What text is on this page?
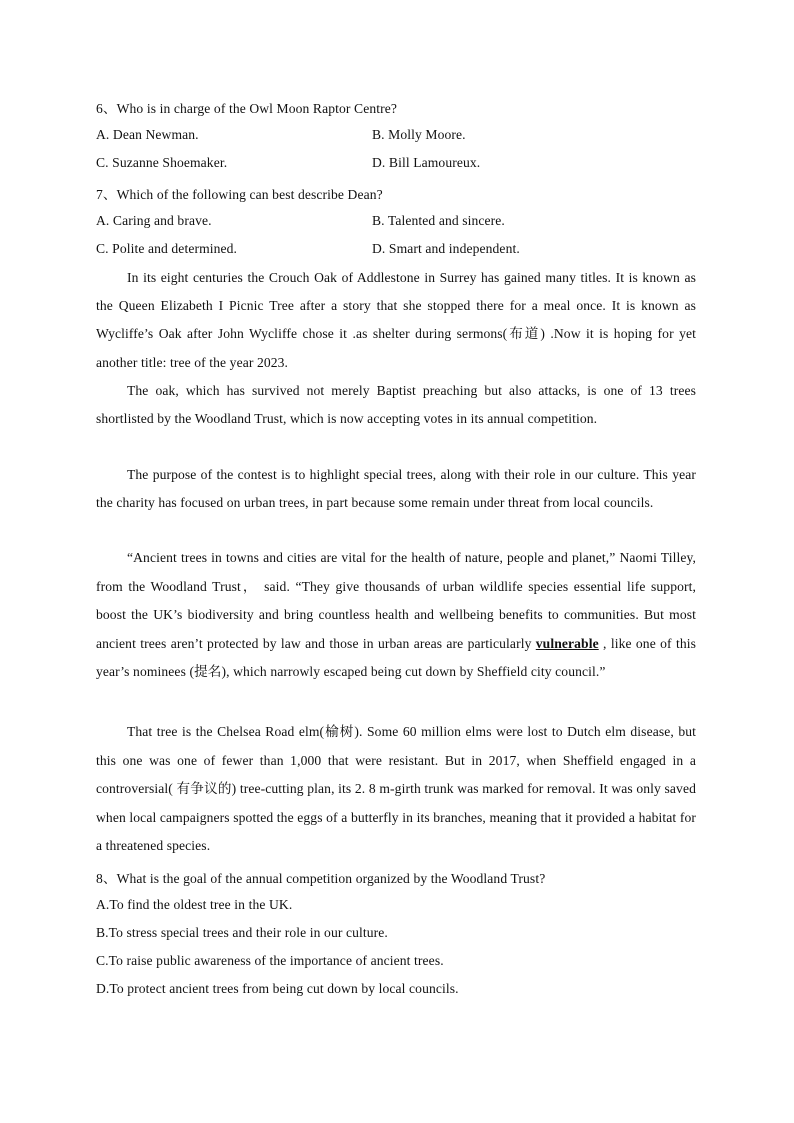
6、Who is in charge of the Owl Moon Raptor Centre?
A. Dean Newman.	B. Molly Moore.
C. Suzanne Shoemaker.	D. Bill Lamoureux.
7、Which of the following can best describe Dean?
A. Caring and brave.	B. Talented and sincere.
C. Polite and determined.	D. Smart and independent.

In its eight centuries the Crouch Oak of Addlestone in Surrey has gained many titles. It is known as the Queen Elizabeth I Picnic Tree after a story that she stopped there for a meal once. It is known as Wycliffe’s Oak after John Wycliffe chose it .as shelter during sermons(布道) .Now it is hoping for yet another title: tree of the year 2023.

The oak, which has survived not merely Baptist preaching but also attacks, is one of 13 trees shortlisted by the Woodland Trust, which is now accepting votes in its annual competition.

The purpose of the contest is to highlight special trees, along with their role in our culture. This year the charity has focused on urban trees, in part because some remain under threat from local councils.

“Ancient trees in towns and cities are vital for the health of nature, people and planet,” Naomi Tilley, from the Woodland Trust， said. “They give thousands of urban wildlife species essential life support, boost the UK’s biodiversity and bring countless health and wellbeing benefits to communities. But most ancient trees aren’t protected by law and those in urban areas are particularly vulnerable , like one of this year’s nominees (提名), which narrowly escaped being cut down by Sheffield city council.”

That tree is the Chelsea Road elm(榆树). Some 60 million elms were lost to Dutch elm disease, but this one was one of fewer than 1,000 that were resistant. But in 2017, when Sheffield engaged in a controversial( 有争议的) tree-cutting plan, its 2. 8 m-girth trunk was marked for removal. It was only saved when local campaigners spotted the eggs of a butterfly in its branches, meaning that it provided a habitat for a threatened species.

8、What is the goal of the annual competition organized by the Woodland Trust?
A.To find the oldest tree in the UK.
B.To stress special trees and their role in our culture.
C.To raise public awareness of the importance of ancient trees.
D.To protect ancient trees from being cut down by local councils.
